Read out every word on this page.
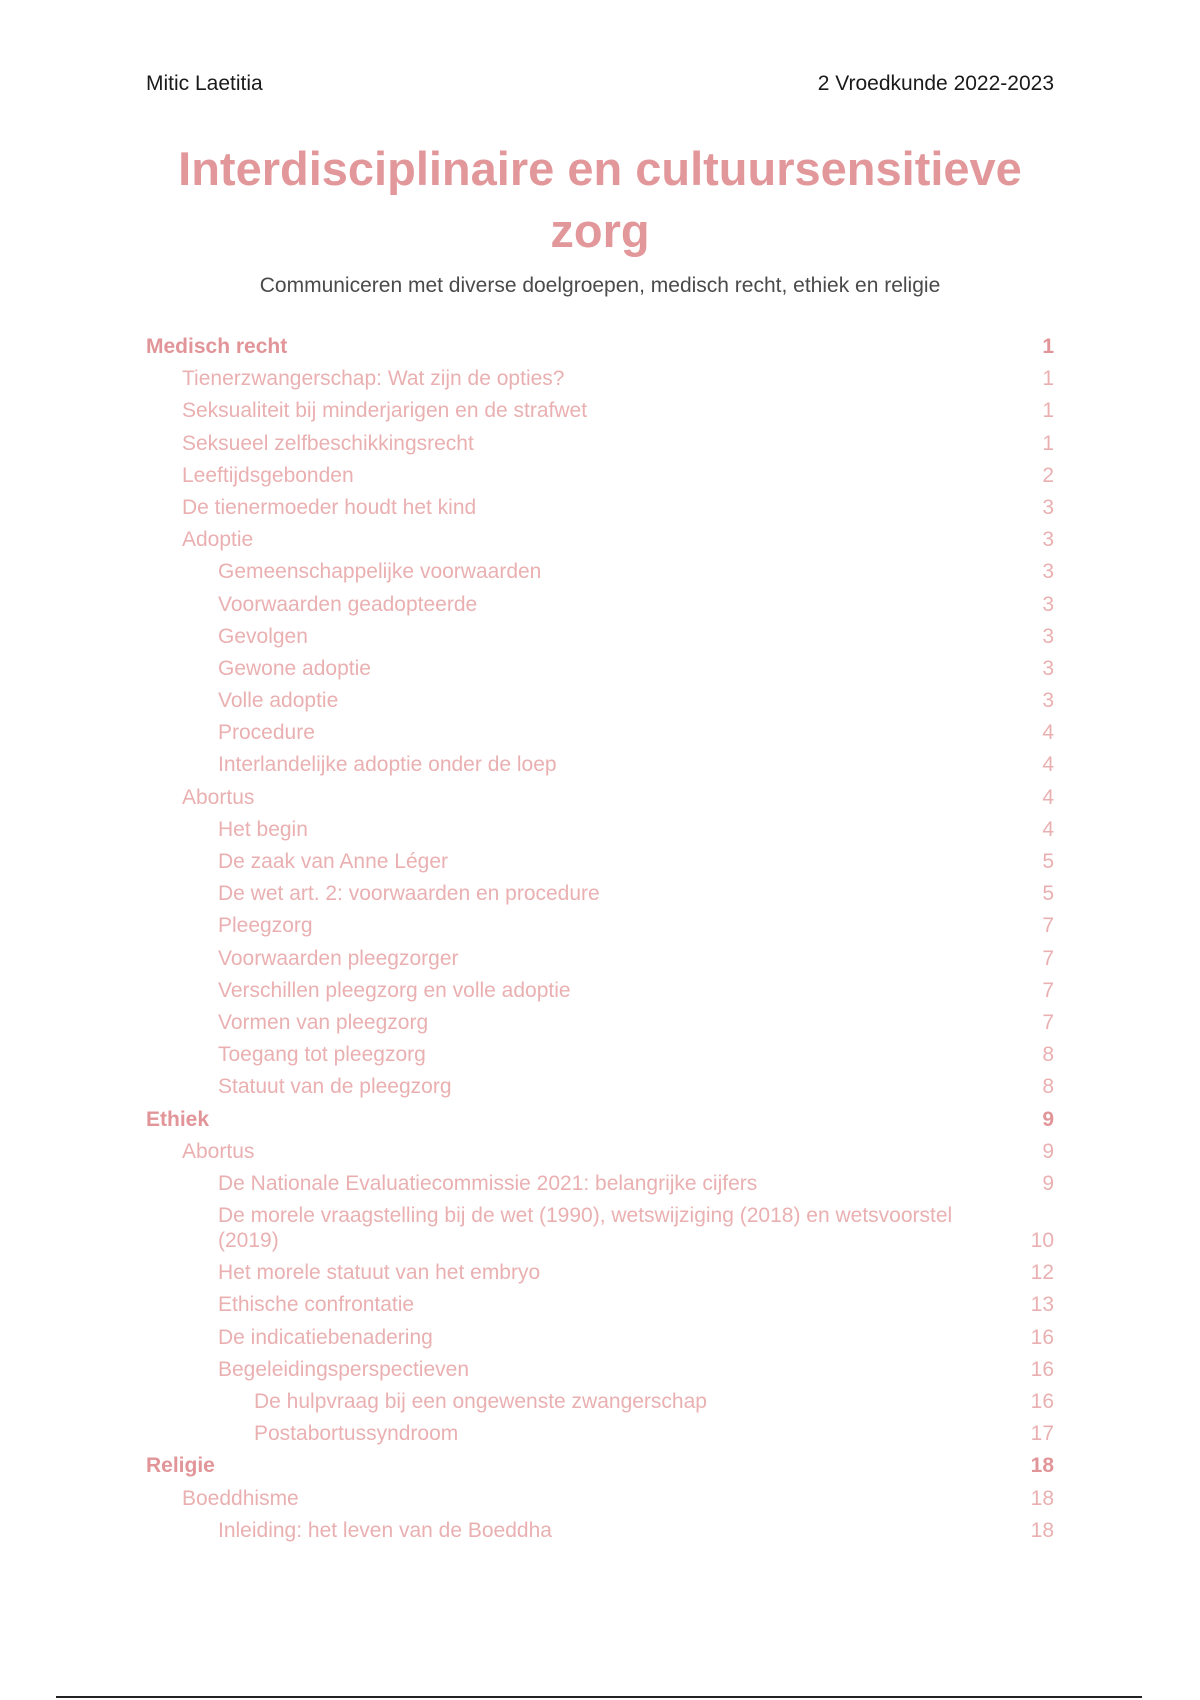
Mitic Laetitia	2 Vroedkunde 2022-2023
Interdisciplinaire en cultuursensitieve zorg
Communiceren met diverse doelgroepen, medisch recht, ethiek en religie
Medisch recht	1
Tienerzwangerschap: Wat zijn de opties?	1
Seksualiteit bij minderjarigen en de strafwet	1
Seksueel zelfbeschikkingsrecht	1
Leeftijdsgebonden	2
De tienermoeder houdt het kind	3
Adoptie	3
Gemeenschappelijke voorwaarden	3
Voorwaarden geadopteerde	3
Gevolgen	3
Gewone adoptie	3
Volle adoptie	3
Procedure	4
Interlandelijke adoptie onder de loep	4
Abortus	4
Het begin	4
De zaak van Anne Léger	5
De wet art. 2: voorwaarden en procedure	5
Pleegzorg	7
Voorwaarden pleegzorger	7
Verschillen pleegzorg en volle adoptie	7
Vormen van pleegzorg	7
Toegang tot pleegzorg	8
Statuut van de pleegzorg	8
Ethiek	9
Abortus	9
De Nationale Evaluatiecommissie 2021: belangrijke cijfers	9
De morele vraagstelling bij de wet (1990), wetswijziging (2018) en wetsvoorstel (2019)	10
Het morele statuut van het embryo	12
Ethische confrontatie	13
De indicatiebenadering	16
Begeleidingsperspectieven	16
De hulpvraag bij een ongewenste zwangerschap	16
Postabortussyndroom	17
Religie	18
Boeddhisme	18
Inleiding: het leven van de Boeddha	18
